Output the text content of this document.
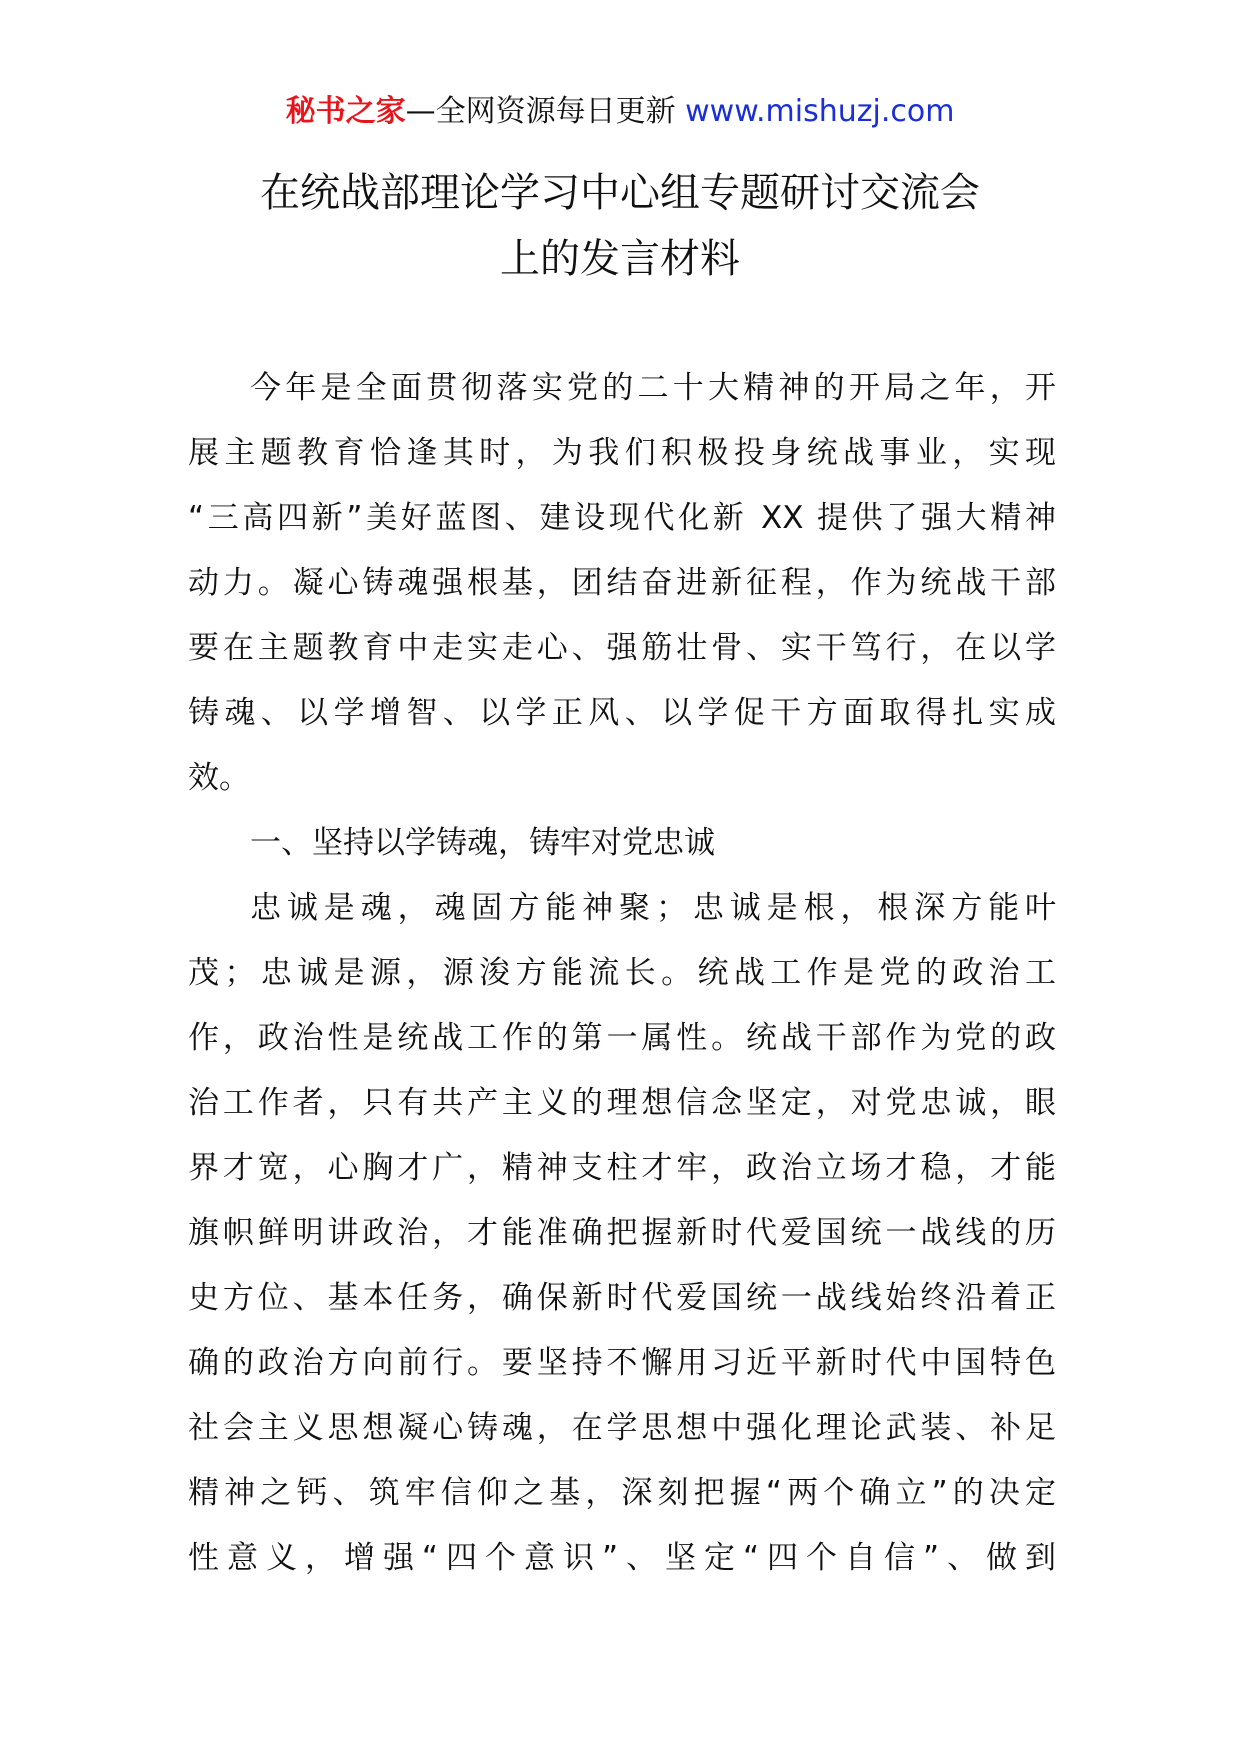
秘书之家—全网资源每日更新 www.mishuzj.com
在统战部理论学习中心组专题研讨交流会
上的发言材料
今年是全面贯彻落实党的二十大精神的开局之年，开
展主题教育恰逢其时，为我们积极投身统战事业，实现
“三高四新”美好蓝图、建设现代化新 XX 提供了强大精神
动力。凝心铸魂强根基，团结奋进新征程，作为统战干部
要在主题教育中走实走心、强筋壮骨、实干笃行，在以学
铸魂、以学增智、以学正风、以学促干方面取得扎实成
效。
一、坚持以学铸魂，铸牢对党忠诚
忠诚是魂，魂固方能神聚；忠诚是根，根深方能叶
茂；忠诚是源，源浚方能流长。统战工作是党的政治工
作，政治性是统战工作的第一属性。统战干部作为党的政
治工作者，只有共产主义的理想信念坚定，对党忠诚，眼
界才宽，心胸才广，精神支柱才牢，政治立场才稳，才能
旗帜鲜明讲政治，才能准确把握新时代爱国统一战线的历
史方位、基本任务，确保新时代爱国统一战线始终沿着正
确的政治方向前行。要坚持不懈用习近平新时代中国特色
社会主义思想凝心铸魂，在学思想中强化理论武装、补足
精神之钙、筑牢信仰之基，深刻把握“两个确立”的决定
性意义，增强“四个意识”、坚定“四个自信”、做到
